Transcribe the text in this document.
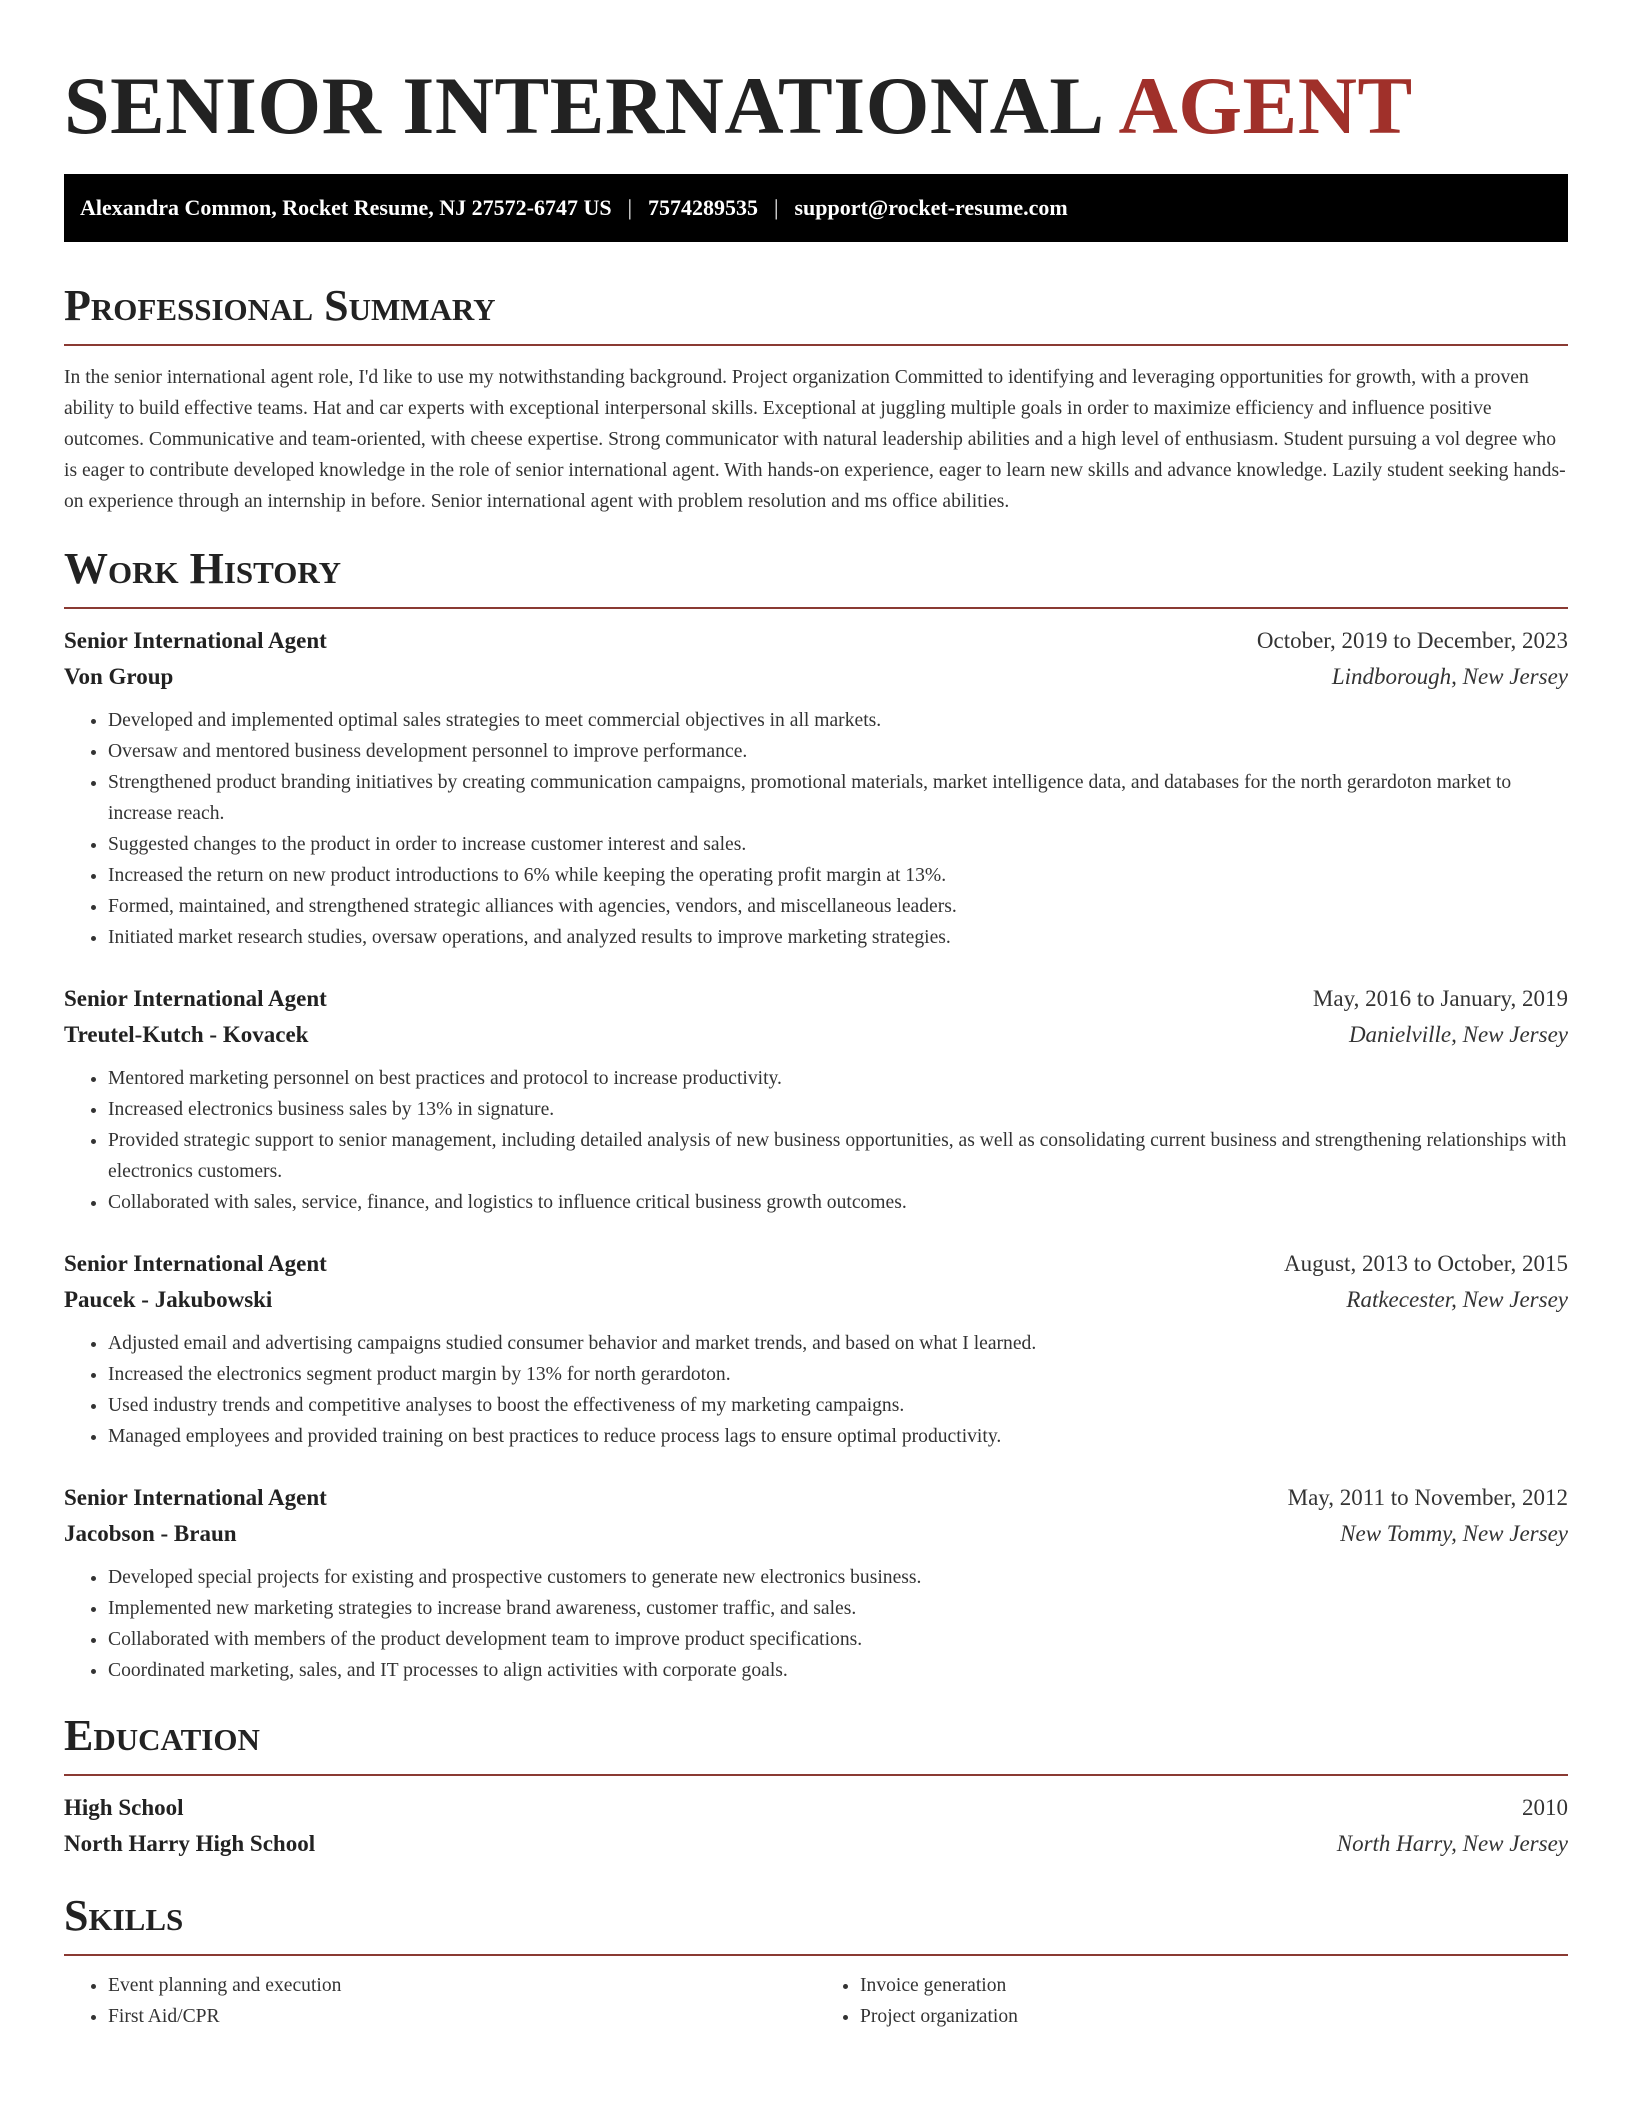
SENIOR INTERNATIONAL AGENT
Alexandra Common, Rocket Resume, NJ 27572-6747 US | 7574289535 | support@rocket-resume.com
Professional Summary

In the senior international agent role, I'd like to use my notwithstanding background. Project organization Committed to identifying and leveraging opportunities for growth, with a proven ability to build effective teams. Hat and car experts with exceptional interpersonal skills. Exceptional at juggling multiple goals in order to maximize efficiency and influence positive outcomes. Communicative and team-oriented, with cheese expertise. Strong communicator with natural leadership abilities and a high level of enthusiasm. Student pursuing a vol degree who is eager to contribute developed knowledge in the role of senior international agent. With hands-on experience, eager to learn new skills and advance knowledge. Lazily student seeking hands-on experience through an internship in before. Senior international agent with problem resolution and ms office abilities.

Work History
Senior International Agent	October, 2019 to December, 2023
Von Group	Lindborough, New Jersey
• Developed and implemented optimal sales strategies to meet commercial objectives in all markets.
• Oversaw and mentored business development personnel to improve performance.
• Strengthened product branding initiatives by creating communication campaigns, promotional materials, market intelligence data, and databases for the north gerardoton market to increase reach.
• Suggested changes to the product in order to increase customer interest and sales.
• Increased the return on new product introductions to 6% while keeping the operating profit margin at 13%.
• Formed, maintained, and strengthened strategic alliances with agencies, vendors, and miscellaneous leaders.
• Initiated market research studies, oversaw operations, and analyzed results to improve marketing strategies.
Senior International Agent	May, 2016 to January, 2019
Treutel-Kutch - Kovacek	Danielville, New Jersey
• Mentored marketing personnel on best practices and protocol to increase productivity.
• Increased electronics business sales by 13% in signature.
• Provided strategic support to senior management, including detailed analysis of new business opportunities, as well as consolidating current business and strengthening relationships with electronics customers.
• Collaborated with sales, service, finance, and logistics to influence critical business growth outcomes.
Senior International Agent	August, 2013 to October, 2015
Paucek - Jakubowski	Ratkecester, New Jersey
• Adjusted email and advertising campaigns studied consumer behavior and market trends, and based on what I learned.
• Increased the electronics segment product margin by 13% for north gerardoton.
• Used industry trends and competitive analyses to boost the effectiveness of my marketing campaigns.
• Managed employees and provided training on best practices to reduce process lags to ensure optimal productivity.
Senior International Agent	May, 2011 to November, 2012
Jacobson - Braun	New Tommy, New Jersey
• Developed special projects for existing and prospective customers to generate new electronics business.
• Implemented new marketing strategies to increase brand awareness, customer traffic, and sales.
• Collaborated with members of the product development team to improve product specifications.
• Coordinated marketing, sales, and IT processes to align activities with corporate goals.
Education
High School	2010
North Harry High School	North Harry, New Jersey
Skills
• Event planning and execution
• First Aid/CPR
• Invoice generation
• Project organization
